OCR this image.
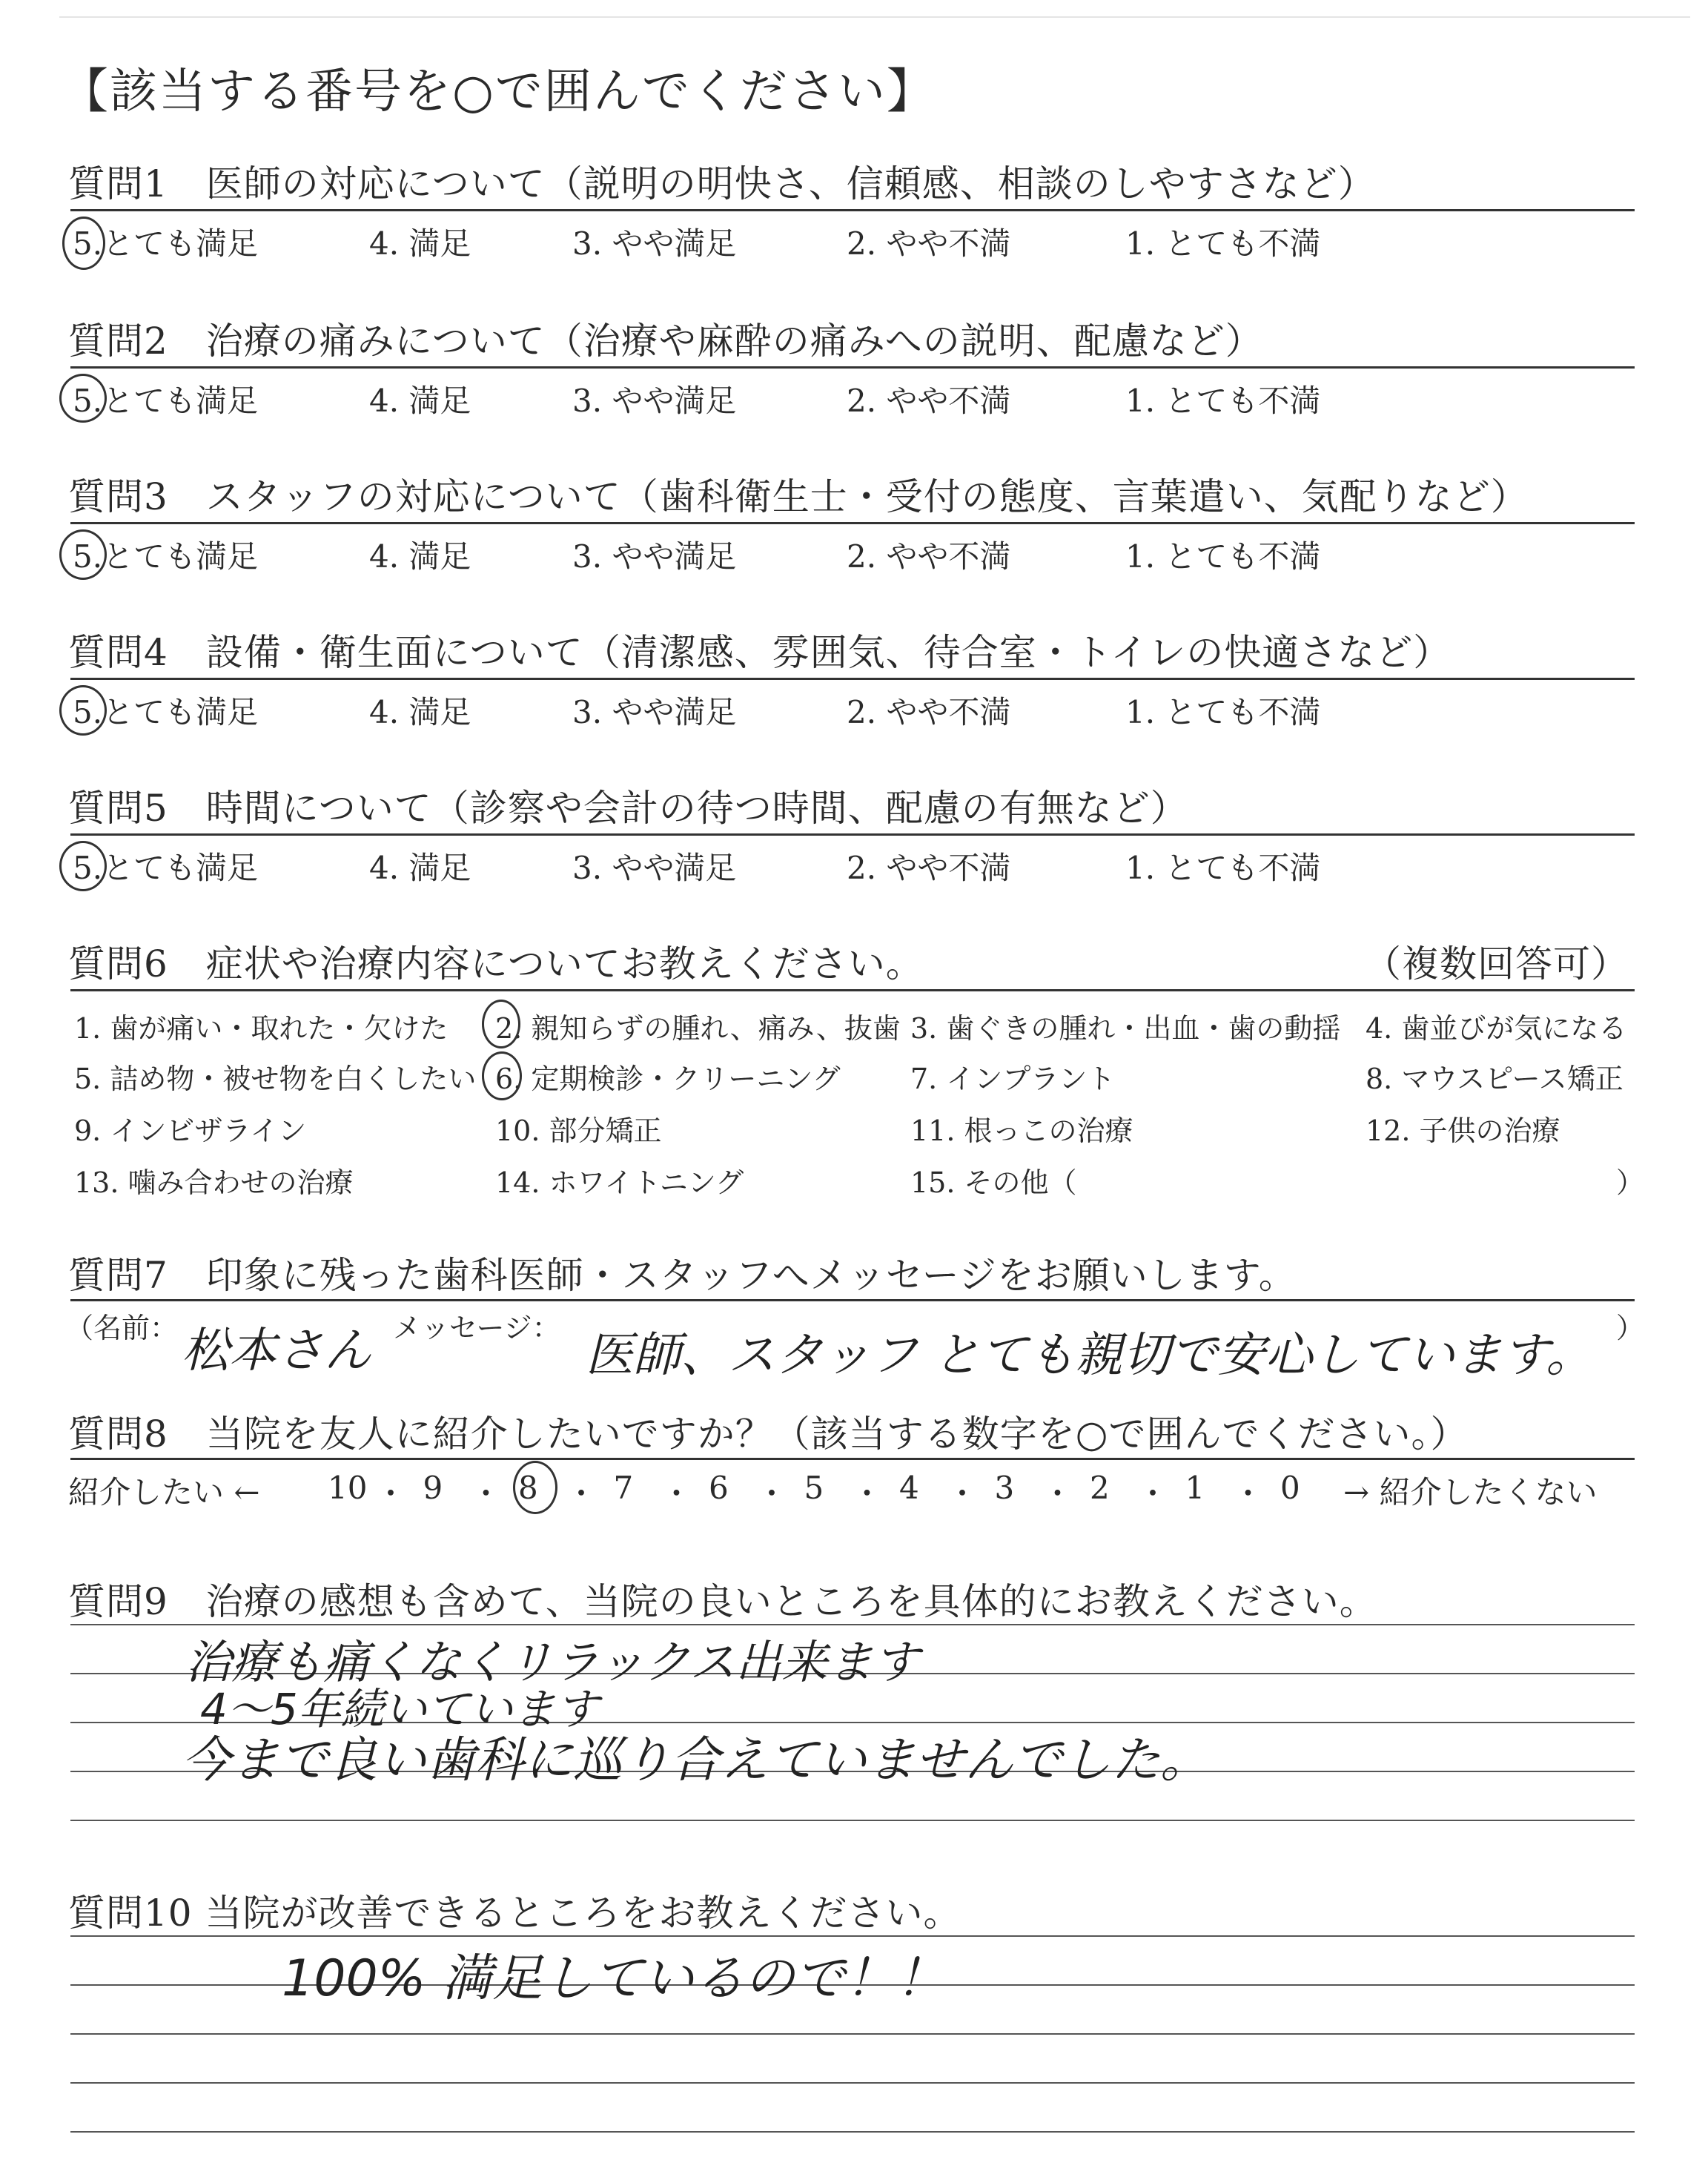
【該当する番号を○で囲んでください】
質問1　医師の対応について（説明の明快さ、信頼感、相談のしやすさなど）
5.とても満足	4. 満足	3. やや満足	2. やや不満	1. とても不満
質問2　治療の痛みについて（治療や麻酔の痛みへの説明、配慮など）
5.とても満足	4. 満足	3. やや満足	2. やや不満	1. とても不満
質問3　スタッフの対応について（歯科衛生士・受付の態度、言葉遣い、気配りなど）
5.とても満足	4. 満足	3. やや満足	2. やや不満	1. とても不満
質問4　設備・衛生面について（清潔感、雰囲気、待合室・トイレの快適さなど）
5.とても満足	4. 満足	3. やや満足	2. やや不満	1. とても不満
質問5　時間について（診察や会計の待つ時間、配慮の有無など）
5.とても満足	4. 満足	3. やや満足	2. やや不満	1. とても不満
質問6　症状や治療内容についてお教えください。	（複数回答可）
1. 歯が痛い・取れた・欠けた 2. 親知らずの腫れ、痛み、抜歯 3. 歯ぐきの腫れ・出血・歯の動揺 4. 歯並びが気になる
5. 詰め物・被せ物を白くしたい 6. 定期検診・クリーニング 7. インプラント	8. マウスピース矯正
9. インビザライン	10. 部分矯正	11. 根っこの治療	12. 子供の治療
13. 噛み合わせの治療	14. ホワイトニング	15. その他（	）
質問7　印象に残った歯科医師・スタッフへメッセージをお願いします。
（名前： 松本さん メッセージ： 医師、スタッフ とても親切で安心しています。 ）
質問8　当院を友人に紹介したいですか？（該当する数字を○で囲んでください。）
紹介したい ← 10 ・ 9 ・ 8 ・ 7 ・ 6 ・ 5 ・ 4 ・ 3 ・ 2 ・ 1 ・ 0 → 紹介したくない
質問9　治療の感想も含めて、当院の良いところを具体的にお教えください。
治療も痛くなくリラックス出来ます
4〜5年続いています
今まで良い歯科に巡り合えていませんでした。
質問10 当院が改善できるところをお教えください。
100% 満足しているので！！
